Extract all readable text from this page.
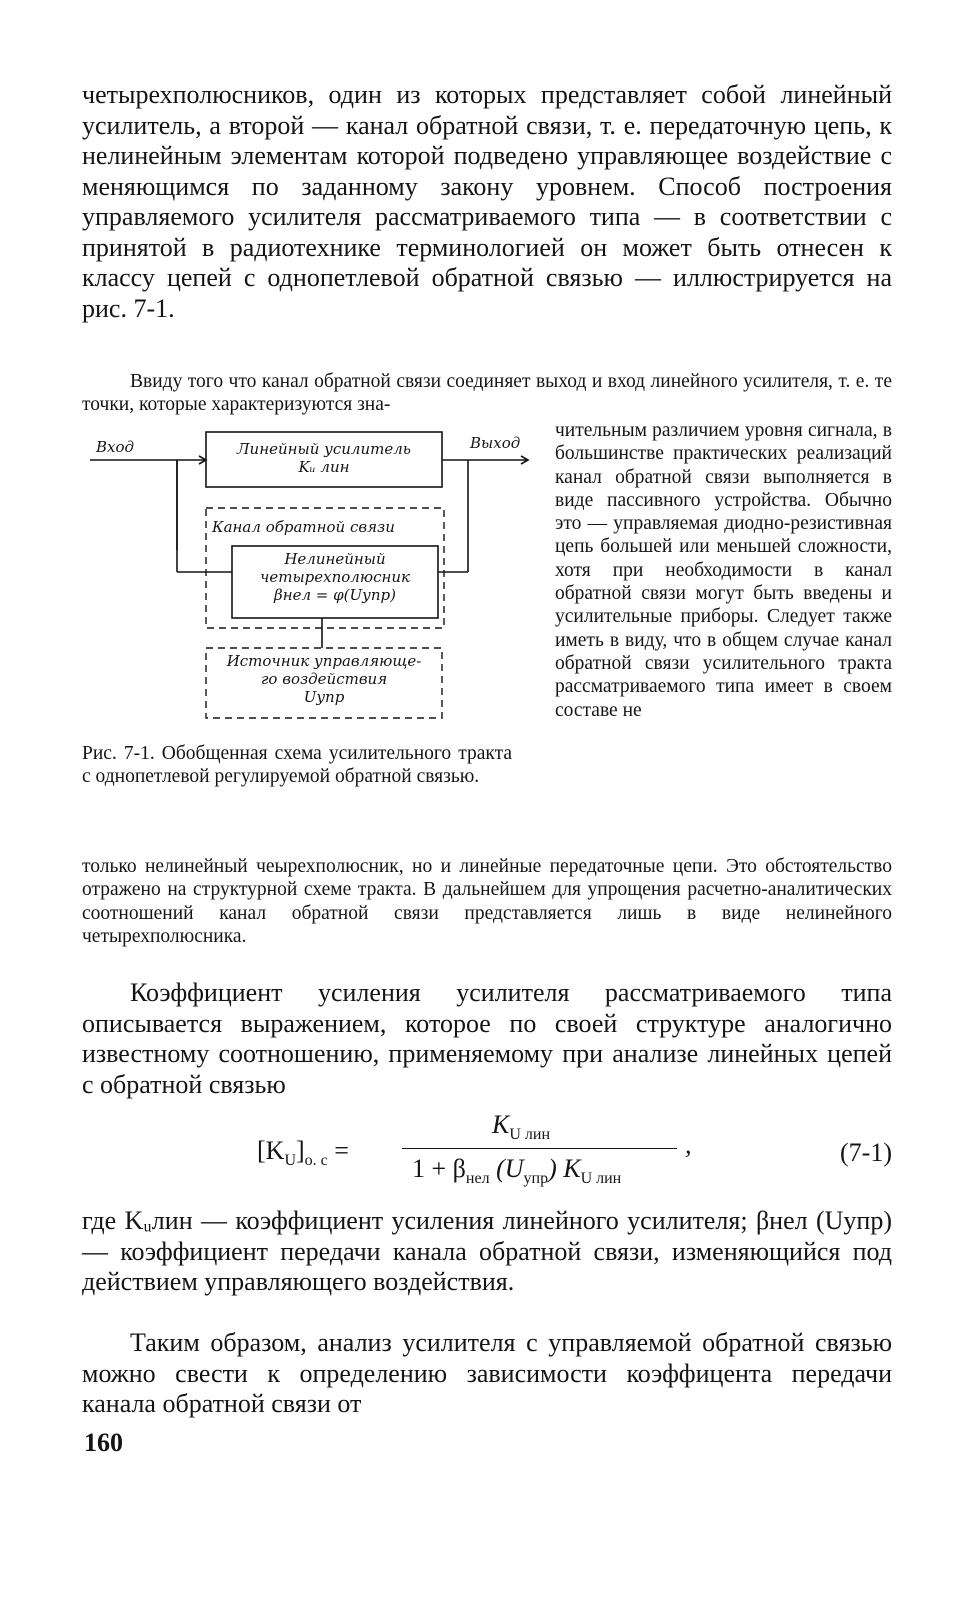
четырехполюсников, один из которых представляет собой линейный усилитель, а второй — канал обратной связи, т. е. передаточную цепь, к нелинейным элементам которой подведено управляющее воздействие с меняющимся по заданному закону уровнем. Способ построения управляемого усилителя рассматриваемого типа — в соответствии с принятой в радиотехнике терминологией он может быть отнесен к классу цепей с однопетлевой обратной связью — иллюстрируется на рис. 7-1.

Ввиду того что канал обратной связи соединяет выход и вход линейного усилителя, т. е. те точки, которые характеризуются зна-

Вход	Выход
Линейный усилитель
Kᵤ лин
Канал обратной связи
Нелинейный
четырехполюсник
βнел = φ(Uупр)
Источник управляюще-
го воздействия
Uупр

Рис. 7-1. Обобщенная схема усилительного тракта с однопетлевой регулируемой обратной связью.

чительным различием уровня сигнала, в большинстве практических реализаций канал обратной связи выполняется в виде пассивного устройства. Обычно это — управляемая диодно-резистивная цепь большей или меньшей сложности, хотя при необходимости в канал обратной связи могут быть введены и усилительные приборы. Следует также иметь в виду, что в общем случае канал обратной связи усилительного тракта рассматриваемого типа имеет в своем составе не

только нелинейный чеырехполюсник, но и линейные передаточные цепи. Это обстоятельство отражено на структурной схеме тракта. В дальнейшем для упрощения расчетно-аналитических соотношений канал обратной связи представляется лишь в виде нелинейного четырехполюсника.

Коэффициент усиления усилителя рассматриваемого типа описывается выражением, которое по своей структуре аналогично известному соотношению, применяемому при анализе линейных цепей с обратной связью

$[K_U]_{о. с}$ =
$K_{U лин}$
$1 + \beta_{нел}$ $(U_{упр})$ $K_{U лин}$
,	(7-1)

где Kᵤлин — коэффициент усиления линейного усилителя; βнел (Uупр) — коэффициент передачи канала обратной связи, изменяющийся под действием управляющего воздействия.

Таким образом, анализ усилителя с управляемой обратной связью можно свести к определению зависимости коэффицента передачи канала обратной связи от

160
